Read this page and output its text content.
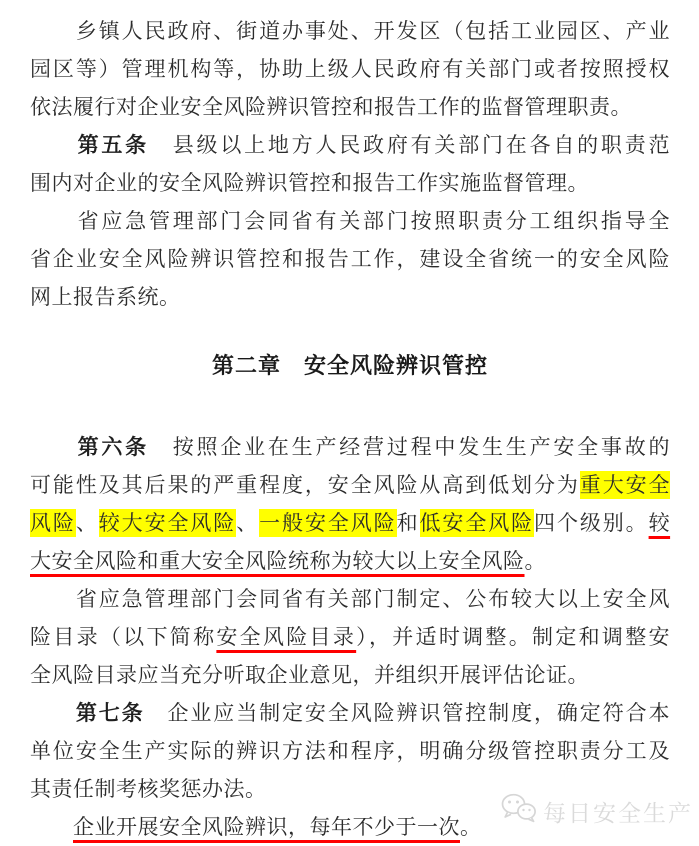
　　乡镇人民政府、街道办事处、开发区（包括工业园区、产业
园区等）管理机构等，协助上级人民政府有关部门或者按照授权
依法履行对企业安全风险辨识管控和报告工作的监督管理职责。
　　第五条　县级以上地方人民政府有关部门在各自的职责范
围内对企业的安全风险辨识管控和报告工作实施监督管理。
　　省应急管理部门会同省有关部门按照职责分工组织指导全
省企业安全风险辨识管控和报告工作，建设全省统一的安全风险
网上报告系统。
第二章　安全风险辨识管控
　　第六条　按照企业在生产经营过程中发生生产安全事故的
可能性及其后果的严重程度，安全风险从高到低划分为重大安全
风险、较大安全风险、一般安全风险和低安全风险四个级别。较
大安全风险和重大安全风险统称为较大以上安全风险。
　　省应急管理部门会同省有关部门制定、公布较大以上安全风
险目录（以下简称安全风险目录），并适时调整。制定和调整安
全风险目录应当充分听取企业意见，并组织开展评估论证。
　　第七条　企业应当制定安全风险辨识管控制度，确定符合本
单位安全生产实际的辨识方法和程序，明确分级管控职责分工及
其责任制考核奖惩办法。
　　企业开展安全风险辨识，每年不少于一次。
每日安全生产
